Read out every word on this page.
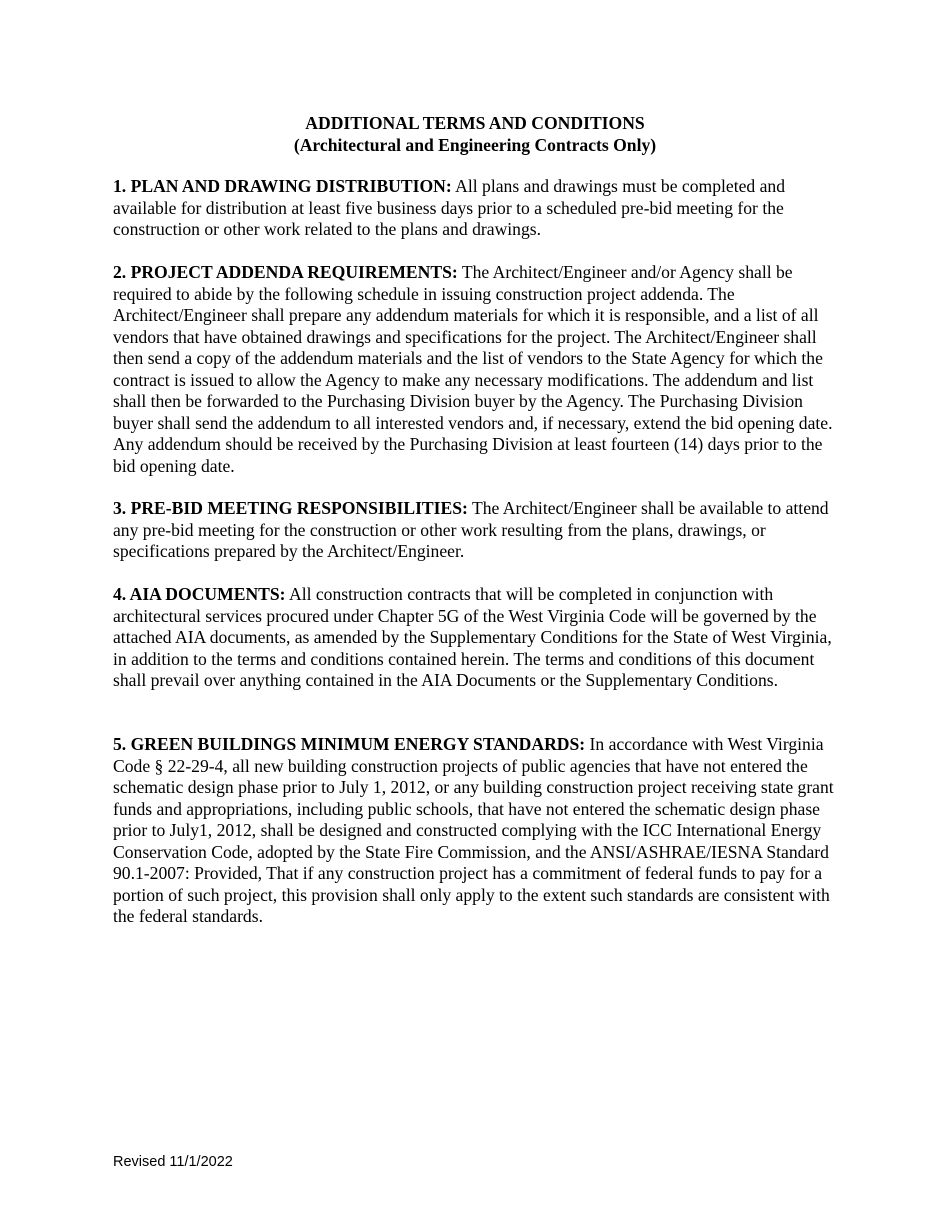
ADDITIONAL TERMS AND CONDITIONS
(Architectural and Engineering Contracts Only)

1. PLAN AND DRAWING DISTRIBUTION: All plans and drawings must be completed and available for distribution at least five business days prior to a scheduled pre-bid meeting for the construction or other work related to the plans and drawings.

2. PROJECT ADDENDA REQUIREMENTS: The Architect/Engineer and/or Agency shall be required to abide by the following schedule in issuing construction project addenda. The Architect/Engineer shall prepare any addendum materials for which it is responsible, and a list of all vendors that have obtained drawings and specifications for the project. The Architect/Engineer shall then send a copy of the addendum materials and the list of vendors to the State Agency for which the contract is issued to allow the Agency to make any necessary modifications. The addendum and list shall then be forwarded to the Purchasing Division buyer by the Agency. The Purchasing Division buyer shall send the addendum to all interested vendors and, if necessary, extend the bid opening date. Any addendum should be received by the Purchasing Division at least fourteen (14) days prior to the bid opening date.

3. PRE-BID MEETING RESPONSIBILITIES: The Architect/Engineer shall be available to attend any pre-bid meeting for the construction or other work resulting from the plans, drawings, or specifications prepared by the Architect/Engineer.

4. AIA DOCUMENTS: All construction contracts that will be completed in conjunction with architectural services procured under Chapter 5G of the West Virginia Code will be governed by the attached AIA documents, as amended by the Supplementary Conditions for the State of West Virginia, in addition to the terms and conditions contained herein. The terms and conditions of this document shall prevail over anything contained in the AIA Documents or the Supplementary Conditions.

5. GREEN BUILDINGS MINIMUM ENERGY STANDARDS: In accordance with West Virginia Code § 22-29-4, all new building construction projects of public agencies that have not entered the schematic design phase prior to July 1, 2012, or any building construction project receiving state grant funds and appropriations, including public schools, that have not entered the schematic design phase prior to July1, 2012, shall be designed and constructed complying with the ICC International Energy Conservation Code, adopted by the State Fire Commission, and the ANSI/ASHRAE/IESNA Standard 90.1-2007: Provided, That if any construction project has a commitment of federal funds to pay for a portion of such project, this provision shall only apply to the extent such standards are consistent with the federal standards.

Revised 11/1/2022
